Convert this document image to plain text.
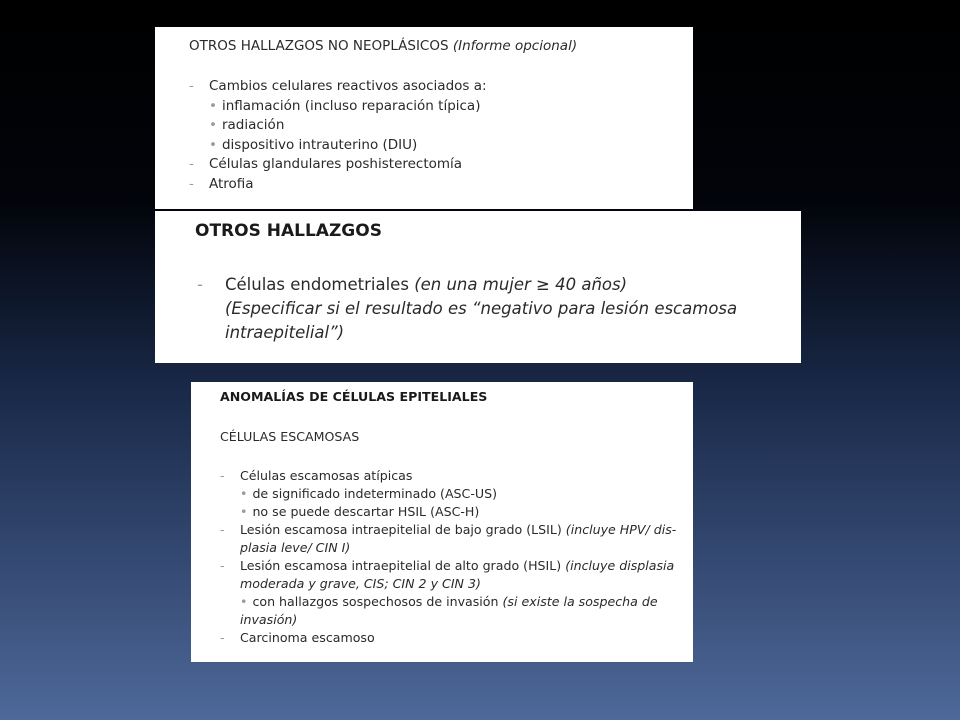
OTROS HALLAZGOS NO NEOPLÁSICOS (Informe opcional)
- Cambios celulares reactivos asociados a:
• inflamación (incluso reparación típica)
• radiación
• dispositivo intrauterino (DIU)
- Células glandulares poshisterectomía
- Atrofia
OTROS HALLAZGOS
- Células endometriales (en una mujer ≥ 40 años)
(Especificar si el resultado es “negativo para lesión escamosa
intraepitelial”)
ANOMALÍAS DE CÉLULAS EPITELIALES
CÉLULAS ESCAMOSAS
- Células escamosas atípicas
• de significado indeterminado (ASC-US)
• no se puede descartar HSIL (ASC-H)
- Lesión escamosa intraepitelial de bajo grado (LSIL) (incluye HPV/ dis-
plasia leve/ CIN I)
- Lesión escamosa intraepitelial de alto grado (HSIL) (incluye displasia
moderada y grave, CIS; CIN 2 y CIN 3)
• con hallazgos sospechosos de invasión (si existe la sospecha de
invasión)
- Carcinoma escamoso
